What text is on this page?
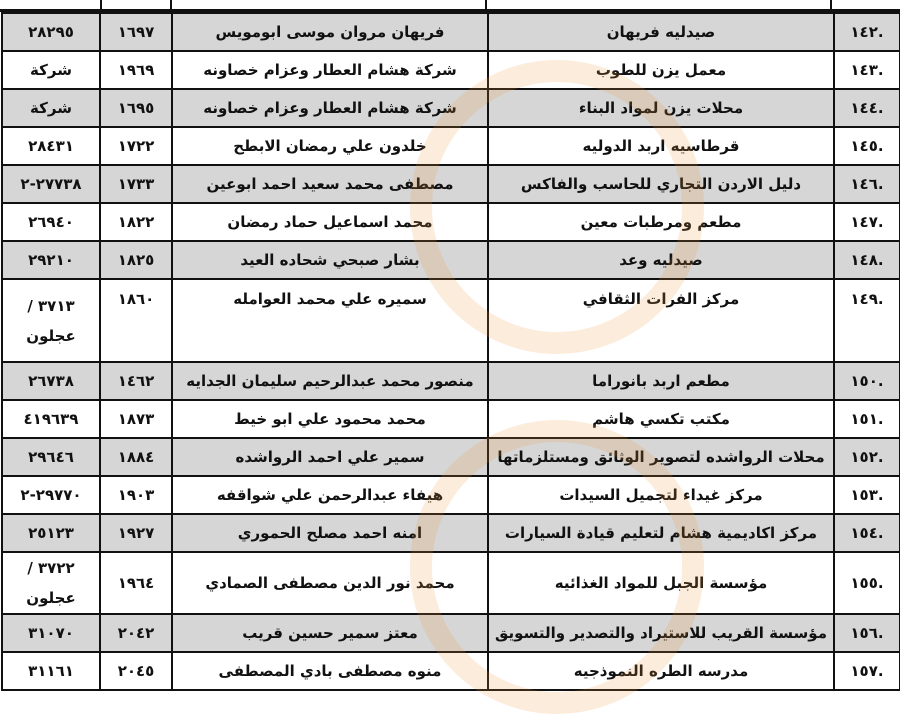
.١٤٢	صيدليه فريهان	فريهان مروان موسى ابومويس	١٦٩٧	٢٨٢٩٥
.١٤٣	معمل يزن للطوب	شركة هشام العطار وعزام خصاونه	١٩٦٩	شركة
.١٤٤	محلات يزن لمواد البناء	شركة هشام العطار وعزام خصاونه	١٦٩٥	شركة
.١٤٥	قرطاسيه اربد الدوليه	خلدون علي رمضان الابطح	١٧٢٢	٢٨٤٣١
.١٤٦	دليل الاردن التجاري للحاسب والفاكس	مصطفى محمد سعيد احمد ابوعين	١٧٣٣	٢٧٧٣٨-٢
.١٤٧	مطعم ومرطبات معين	محمد اسماعيل حماد رمضان	١٨٢٢	٢٦٩٤٠
.١٤٨	صيدليه وعد	بشار صبحي شحاده العيد	١٨٢٥	٢٩٢١٠
.١٤٩	مركز الفرات الثقافي	سميره علي محمد العوامله	١٨٦٠	٣٧١٣ / عجلون
.١٥٠	مطعم اربد بانوراما	منصور محمد عبدالرحيم سليمان الجدايه	١٤٦٢	٢٦٧٣٨
.١٥١	مكتب تكسي هاشم	محمد محمود علي ابو خيط	١٨٧٣	٤١٩٦٣٩
.١٥٢	محلات الرواشده لتصوير الوثائق ومستلزماتها	سمير علي احمد الرواشده	١٨٨٤	٢٩٦٤٦
.١٥٣	مركز غيداء لتجميل السيدات	هيفاء عبدالرحمن علي شواقفه	١٩٠٣	٢٩٧٧٠-٢
.١٥٤	مركز اكاديمية هشام لتعليم قيادة السيارات	امنه احمد مصلح الحموري	١٩٢٧	٢٥١٢٣
.١٥٥	مؤسسة الجبل للمواد الغذائيه	محمد نور الدين مصطفى الصمادي	١٩٦٤	٣٧٢٢ /عجلون
.١٥٦	مؤسسة القريب للاستيراد والتصدير والتسويق	معتز سمير حسين قريب	٢٠٤٢	٣١٠٧٠
.١٥٧	مدرسه الطره النموذجيه	منوه مصطفى بادي المصطفى	٢٠٤٥	٣١١٦١
